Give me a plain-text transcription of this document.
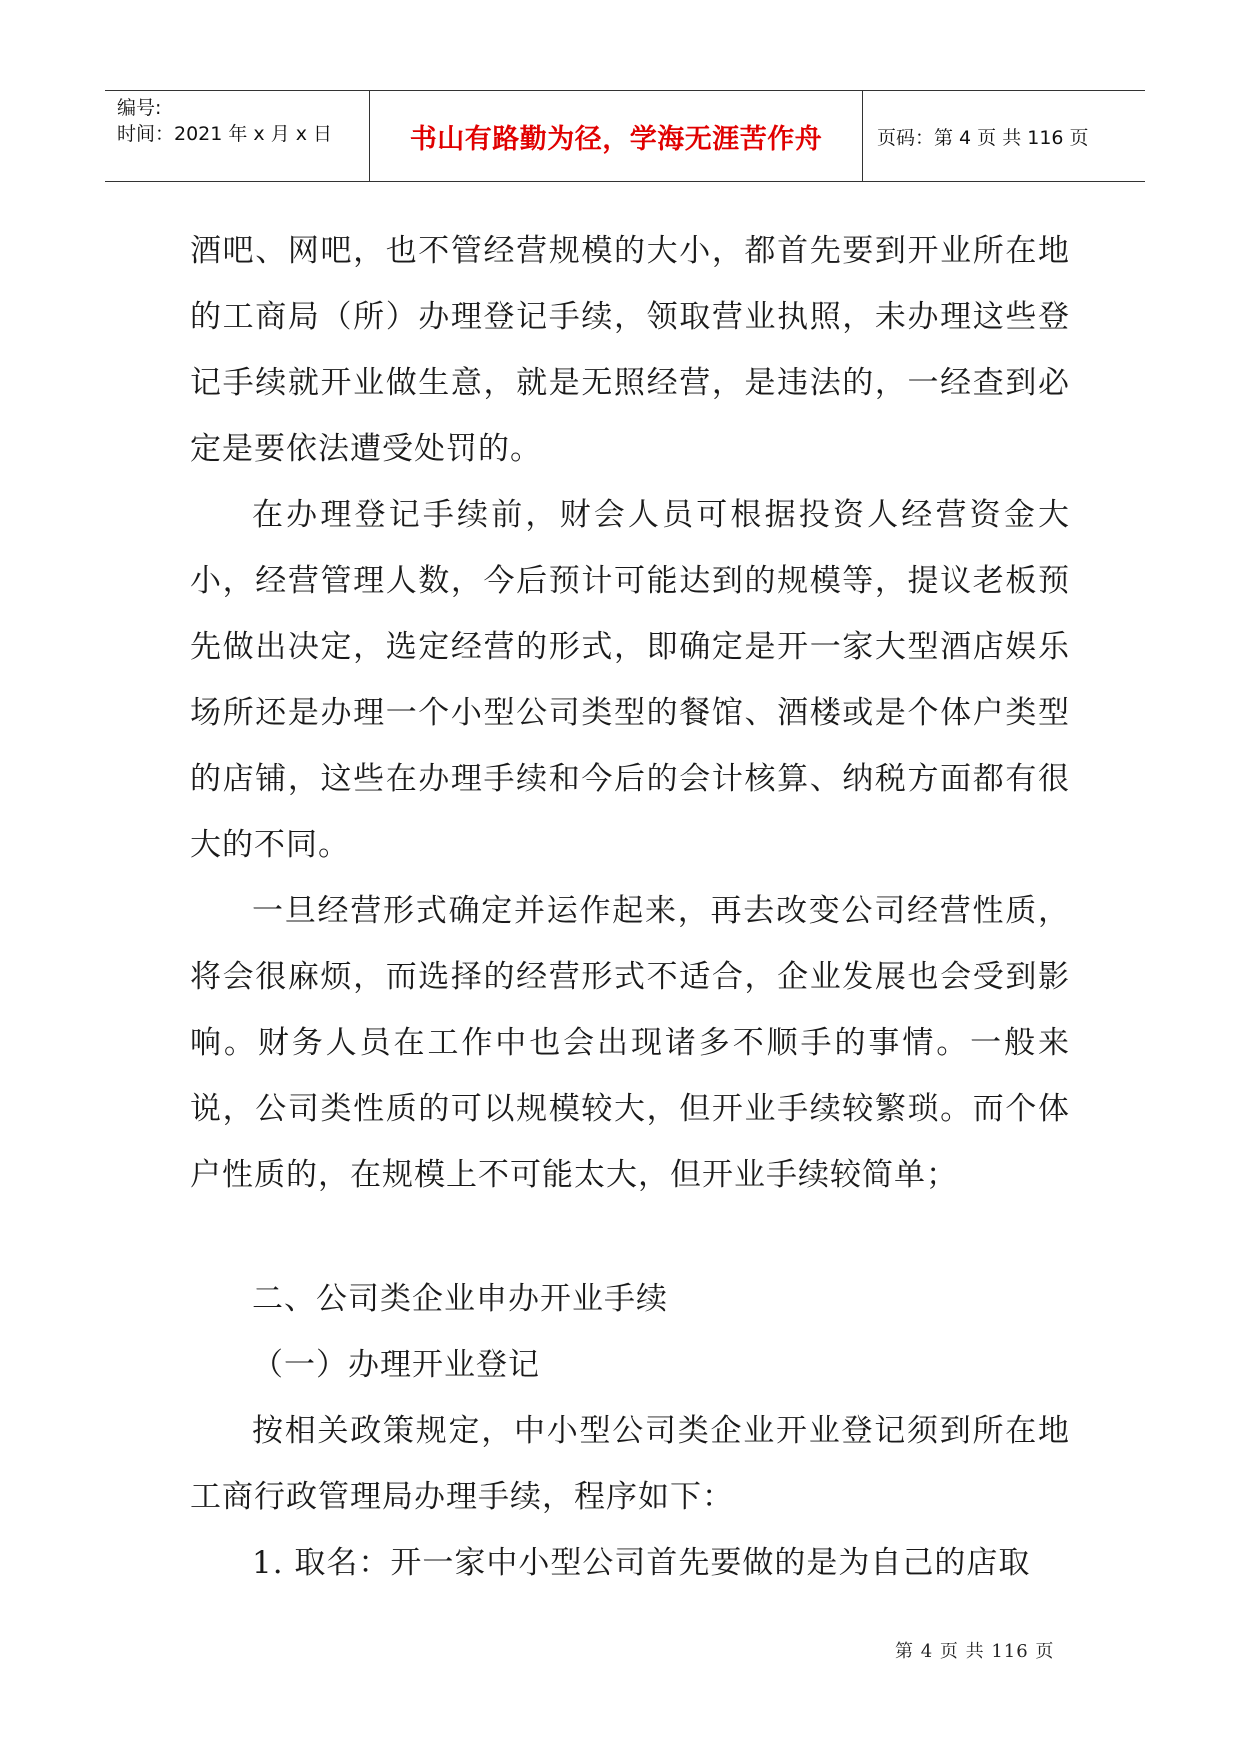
编号:
时间：2021 年 x 月 x 日	书山有路勤为径，学海无涯苦作舟	页码：第 4 页 共 116 页

酒吧、网吧，也不管经营规模的大小，都首先要到开业所在地的工商局（所）办理登记手续，领取营业执照，未办理这些登记手续就开业做生意，就是无照经营，是违法的，一经查到必定是要依法遭受处罚的。

在办理登记手续前，财会人员可根据投资人经营资金大小，经营管理人数，今后预计可能达到的规模等，提议老板预先做出决定，选定经营的形式，即确定是开一家大型酒店娱乐场所还是办理一个小型公司类型的餐馆、酒楼或是个体户类型的店铺，这些在办理手续和今后的会计核算、纳税方面都有很大的不同。

一旦经营形式确定并运作起来，再去改变公司经营性质，将会很麻烦，而选择的经营形式不适合，企业发展也会受到影响。财务人员在工作中也会出现诸多不顺手的事情。一般来说，公司类性质的可以规模较大，但开业手续较繁琐。而个体户性质的，在规模上不可能太大，但开业手续较简单；

二、公司类企业申办开业手续

（一）办理开业登记

按相关政策规定，中小型公司类企业开业登记须到所在地工商行政管理局办理手续，程序如下：

1. 取名：开一家中小型公司首先要做的是为自己的店取

第 4 页 共 116 页
